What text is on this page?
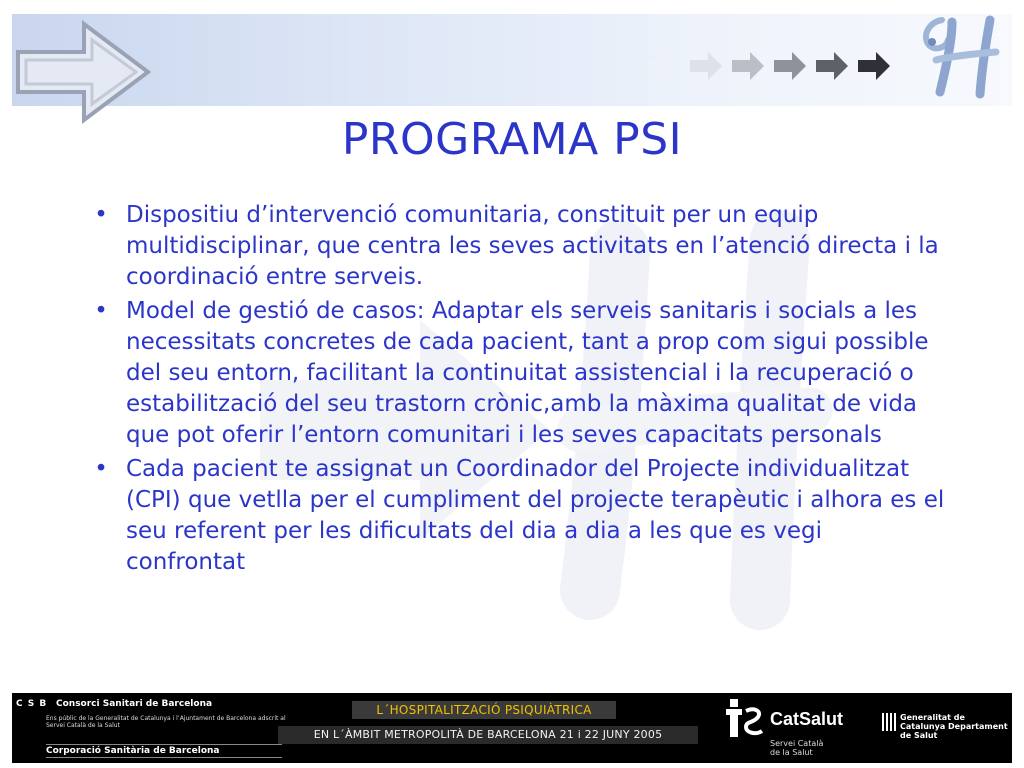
PROGRAMA PSI
• Dispositiu d’intervenció comunitaria, constituit per un equip multidisciplinar, que centra les seves activitats en l’atenció directa i la coordinació entre serveis.
• Model de gestió de casos: Adaptar els serveis sanitaris i socials a les necessitats concretes de cada pacient, tant a prop com sigui possible del seu entorn, facilitant la continuitat assistencial i la recuperació o estabilització del seu trastorn crònic,amb la màxima qualitat de vida que pot oferir l’entorn comunitari i les seves capacitats personals
• Cada pacient te assignat un Coordinador del Projecte individualitzat (CPI) que vetlla per el cumpliment del projecte terapèutic i alhora es el seu referent per les dificultats del dia a dia a les que es vegi confrontat
C S B Consorci Sanitari de Barcelona
Ens públic de la Generalitat de Catalunya i l’Ajuntament de Barcelona adscrit al Servei Català de la Salut
Corporació Sanitària de Barcelona
L´HOSPITALITZACIÓ PSIQUIÀTRICA
EN L´ÀMBIT METROPOLITÀ DE BARCELONA 21 i 22 JUNY 2005
CatSalut
Servei Català de la Salut
Generalitat de Catalunya Departament de Salut
